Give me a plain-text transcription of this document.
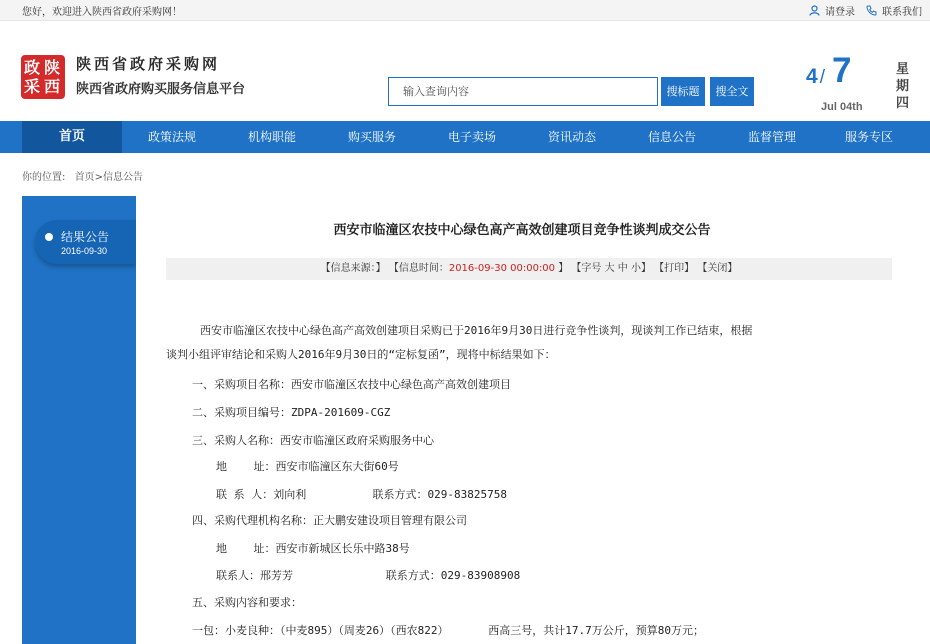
您好，欢迎进入陕西省政府采购网！	请登录	联系我们
政 陕
采 西
陕西省政府采购网
陕西省政府购买服务信息平台	输入查询内容	搜标题	搜全文
4 / 7
Jul 04th
星期四
首页	政策法规	机构职能	购买服务	电子卖场	资讯动态	信息公告	监督管理	服务专区
你的位置: 首页>信息公告
结果公告
2016-09-30
西安市临潼区农技中心绿色高产高效创建项目竞争性谈判成交公告
【信息来源：】 【信息时间：2016-09-30 00:00:00 】 【字号 大 中 小】 【打印】 【关闭】

西安市临潼区农技中心绿色高产高效创建项目采购已于2016年9月30日进行竞争性谈判，现谈判工作已结束，根据

谈判小组评审结论和采购人2016年9月30日的“定标复函”，现将中标结果如下：

一、采购项目名称：西安市临潼区农技中心绿色高产高效创建项目

二、采购项目编号：ZDPA-201609-CGZ

三、采购人名称：西安市临潼区政府采购服务中心

地    址：西安市临潼区东大街60号

联 系 人：刘向利          联系方式：029-83825758

四、采购代理机构名称：正大鹏安建设项目管理有限公司

地    址：西安市新城区长乐中路38号

联系人：邢芳芳              联系方式：029-83908908

五、采购内容和要求：

一包：小麦良种：（中麦895）（周麦26）（西农822）      西高三号，共计17.7万公斤，预算80万元；
